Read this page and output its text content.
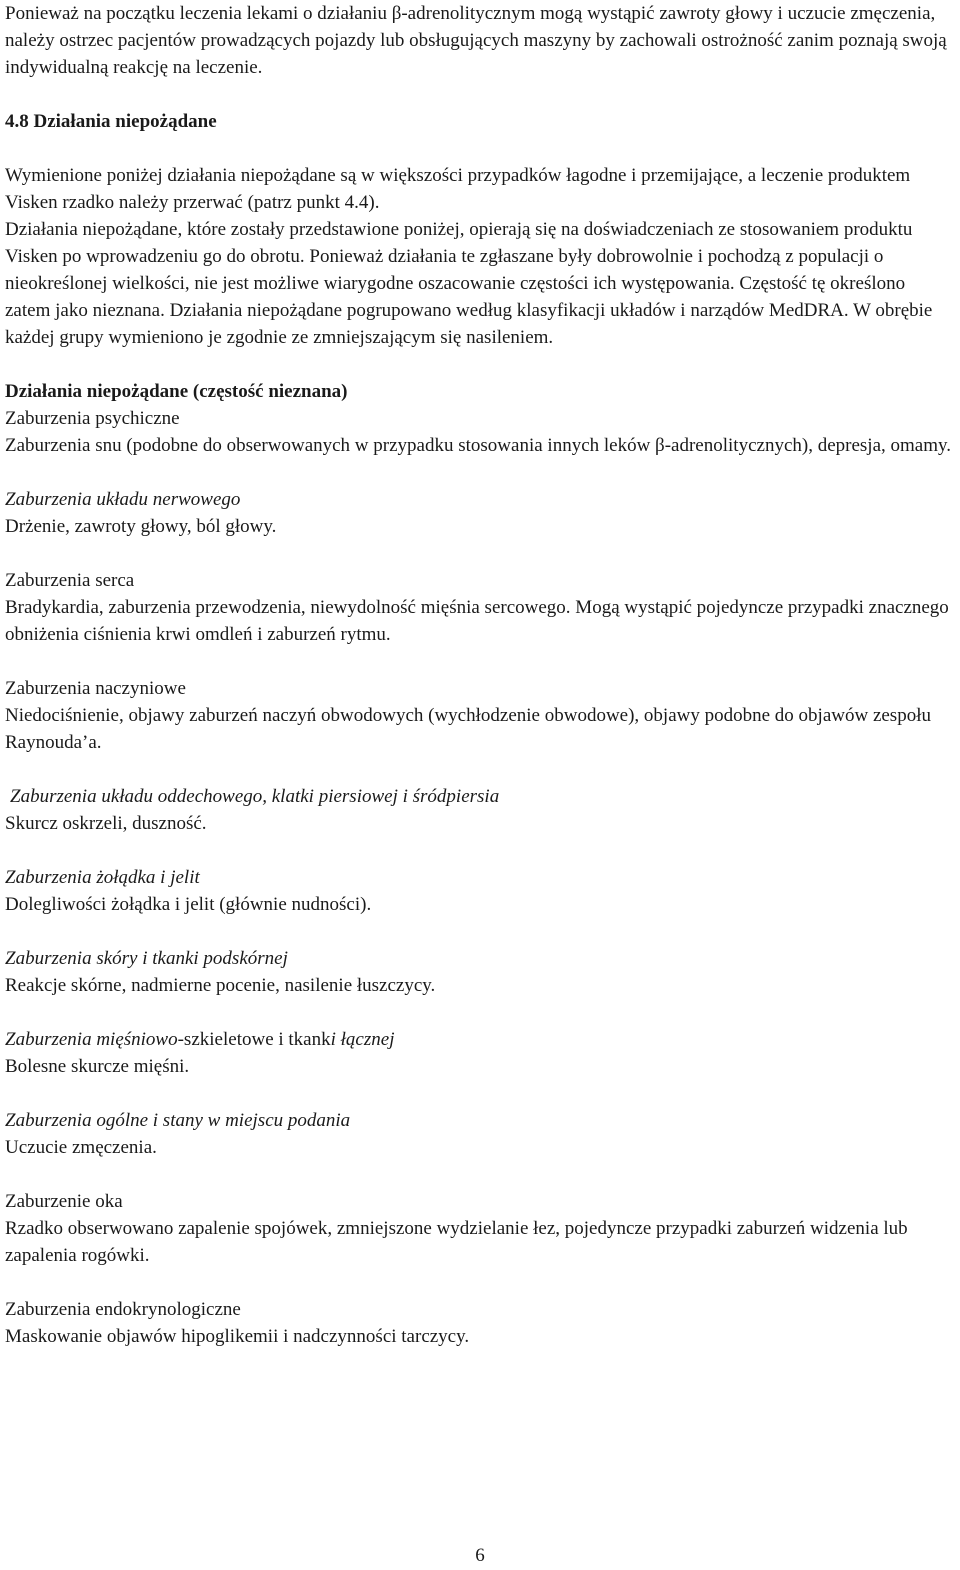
Ponieważ na początku leczenia lekami o działaniu β-adrenolitycznym mogą wystąpić zawroty głowy i uczucie zmęczenia, należy ostrzec pacjentów prowadzących pojazdy lub obsługujących maszyny by zachowali ostrożność zanim poznają swoją indywidualną reakcję na leczenie.

4.8 Działania niepożądane

Wymienione poniżej działania niepożądane są w większości przypadków łagodne i przemijające, a leczenie produktem Visken rzadko należy przerwać (patrz punkt 4.4).

Działania niepożądane, które zostały przedstawione poniżej, opierają się na doświadczeniach ze stosowaniem produktu Visken po wprowadzeniu go do obrotu. Ponieważ działania te zgłaszane były dobrowolnie i pochodzą z populacji o nieokreślonej wielkości, nie jest możliwe wiarygodne oszacowanie częstości ich występowania. Częstość tę określono zatem jako nieznana. Działania niepożądane pogrupowano według klasyfikacji układów i narządów MedDRA. W obrębie każdej grupy wymieniono je zgodnie ze zmniejszającym się nasileniem.

Działania niepożądane (częstość nieznana)

Zaburzenia psychiczne

Zaburzenia snu (podobne do obserwowanych w przypadku stosowania innych leków β-adrenolitycznych), depresja, omamy.

Zaburzenia układu nerwowego

Drżenie, zawroty głowy, ból głowy.

Zaburzenia serca

Bradykardia, zaburzenia przewodzenia, niewydolność mięśnia sercowego. Mogą wystąpić pojedyncze przypadki znacznego obniżenia ciśnienia krwi omdleń i zaburzeń rytmu.

Zaburzenia naczyniowe

Niedociśnienie, objawy zaburzeń naczyń obwodowych (wychłodzenie obwodowe), objawy podobne do objawów zespołu Raynouda’a.

Zaburzenia układu oddechowego, klatki piersiowej i śródpiersia

Skurcz oskrzeli, duszność.

Zaburzenia żołądka i jelit

Dolegliwości żołądka i jelit (głównie nudności).

Zaburzenia skóry i tkanki podskórnej

Reakcje skórne, nadmierne pocenie, nasilenie łuszczycy.

Zaburzenia mięśniowo-szkieletowe i tkanki łącznej

Bolesne skurcze mięśni.

Zaburzenia ogólne i stany w miejscu podania

Uczucie zmęczenia.

Zaburzenie oka

Rzadko obserwowano zapalenie spojówek, zmniejszone wydzielanie łez, pojedyncze przypadki zaburzeń widzenia lub zapalenia rogówki.

Zaburzenia endokrynologiczne

Maskowanie objawów hipoglikemii i nadczynności tarczycy.

6
